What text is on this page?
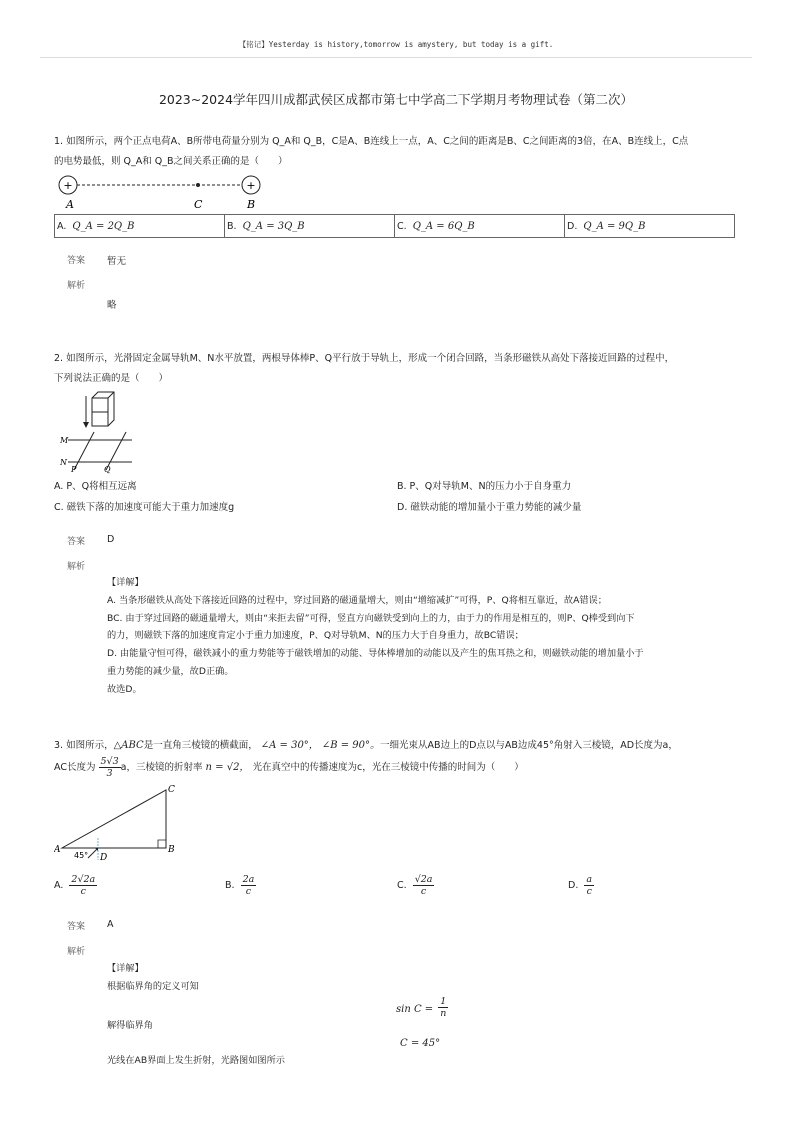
【铭记】Yesterday is history,tomorrow is amystery, but today is a gift.
2023~2024学年四川成都武侯区成都市第七中学高二下学期月考物理试卷（第二次）
1. 如图所示，两个正点电荷A、B所带电荷量分别为 Q_A和 Q_B，C是A、B连线上一点，A、C之间的距离是B、C之间距离的3倍，在A、B连线上，C点
的电势最低，则 Q_A和 Q_B之间关系正确的是（　　）
+	+
A	C	B
A.
Q_A = 2Q_B	B.
Q_A = 3Q_B	C.
Q_A = 6Q_B	D.
Q_A = 9Q_B
答案 暂无
解析
略
2. 如图所示，光滑固定金属导轨M、N水平放置，两根导体棒P、Q平行放于导轨上，形成一个闭合回路，当条形磁铁从高处下落接近回路的过程中，
下列说法正确的是（　　）
M
N
P	Q
A. P、Q将相互远离	B. P、Q对导轨M、N的压力小于自身重力
C. 磁铁下落的加速度可能大于重力加速度g	D. 磁铁动能的增加量小于重力势能的减少量
答案 D
解析
【详解】
A. 当条形磁铁从高处下落接近回路的过程中，穿过回路的磁通量增大，则由“增缩减扩”可得，P、Q将相互靠近，故A错误；
BC. 由于穿过回路的磁通量增大，则由“来拒去留”可得，竖直方向磁铁受到向上的力，由于力的作用是相互的，则P、Q棒受到向下
的力，则磁铁下落的加速度肯定小于重力加速度，P、Q对导轨M、N的压力大于自身重力，故BC错误；
D. 由能量守恒可得，磁铁减小的重力势能等于磁铁增加的动能、导体棒增加的动能以及产生的焦耳热之和，则磁铁动能的增加量小于
重力势能的减少量，故D正确。
故选D。
3. 如图所示，△ABC是一直角三棱镜的横截面， ∠A = 30°， ∠B = 90°。一细光束从AB边上的D点以与AB边成45°角射入三棱镜，AD长度为a，
AC长度为 $\frac{5√3}{3}$ a，三棱镜的折射率 n = √2， 光在真空中的传播速度为c，光在三棱镜中传播的时间为（　　）
A	B
C
D
45°
A. $\frac{2√2a}{c}$	B. $\frac{2a}{c}$	C. $\frac{√2a}{c}$	D. $\frac{a}{c}$
答案 A
解析
【详解】
根据临界角的定义可知
$\sin C = \frac{1}{n}$
解得临界角
C = 45°
光线在AB界面上发生折射，光路图如图所示
